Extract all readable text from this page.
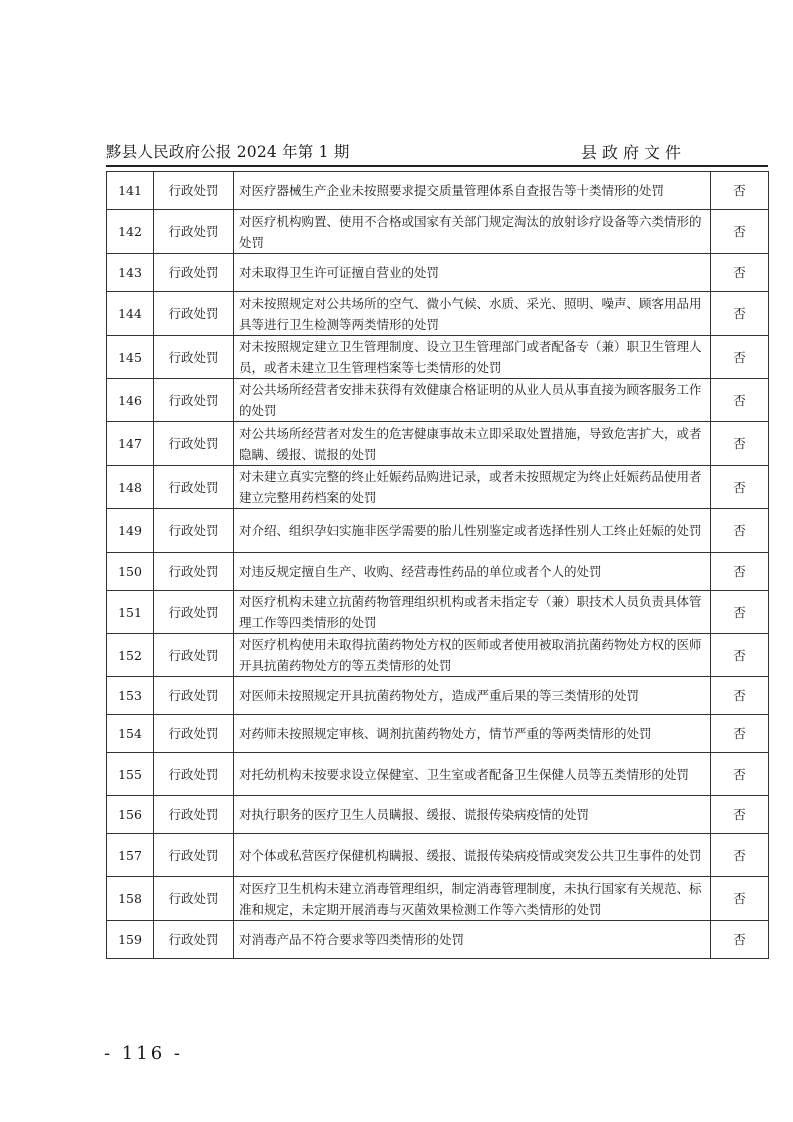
黟县人民政府公报 2024 年第 1 期	县政府文件
141	行政处罚	对医疗器械生产企业未按照要求提交质量管理体系自查报告等十类情形的处罚	否
142	行政处罚	对医疗机构购置、使用不合格或国家有关部门规定淘汰的放射诊疗设备等六类情形的处罚	否
143	行政处罚	对未取得卫生许可证擅自营业的处罚	否
144	行政处罚	对未按照规定对公共场所的空气、微小气候、水质、采光、照明、噪声、顾客用品用具等进行卫生检测等两类情形的处罚	否
145	行政处罚	对未按照规定建立卫生管理制度、设立卫生管理部门或者配备专（兼）职卫生管理人员，或者未建立卫生管理档案等七类情形的处罚	否
146	行政处罚	对公共场所经营者安排未获得有效健康合格证明的从业人员从事直接为顾客服务工作的处罚	否
147	行政处罚	对公共场所经营者对发生的危害健康事故未立即采取处置措施，导致危害扩大，或者隐瞒、缓报、谎报的处罚	否
148	行政处罚	对未建立真实完整的终止妊娠药品购进记录，或者未按照规定为终止妊娠药品使用者建立完整用药档案的处罚	否
149	行政处罚	对介绍、组织孕妇实施非医学需要的胎儿性别鉴定或者选择性别人工终止妊娠的处罚	否
150	行政处罚	对违反规定擅自生产、收购、经营毒性药品的单位或者个人的处罚	否
151	行政处罚	对医疗机构未建立抗菌药物管理组织机构或者未指定专（兼）职技术人员负责具体管理工作等四类情形的处罚	否
152	行政处罚	对医疗机构使用未取得抗菌药物处方权的医师或者使用被取消抗菌药物处方权的医师开具抗菌药物处方的等五类情形的处罚	否
153	行政处罚	对医师未按照规定开具抗菌药物处方，造成严重后果的等三类情形的处罚	否
154	行政处罚	对药师未按照规定审核、调剂抗菌药物处方，情节严重的等两类情形的处罚	否
155	行政处罚	对托幼机构未按要求设立保健室、卫生室或者配备卫生保健人员等五类情形的处罚	否
156	行政处罚	对执行职务的医疗卫生人员瞒报、缓报、谎报传染病疫情的处罚	否
157	行政处罚	对个体或私营医疗保健机构瞒报、缓报、谎报传染病疫情或突发公共卫生事件的处罚	否
158	行政处罚	对医疗卫生机构未建立消毒管理组织，制定消毒管理制度，未执行国家有关规范、标准和规定，未定期开展消毒与灭菌效果检测工作等六类情形的处罚	否
159	行政处罚	对消毒产品不符合要求等四类情形的处罚	否
- 116 -
